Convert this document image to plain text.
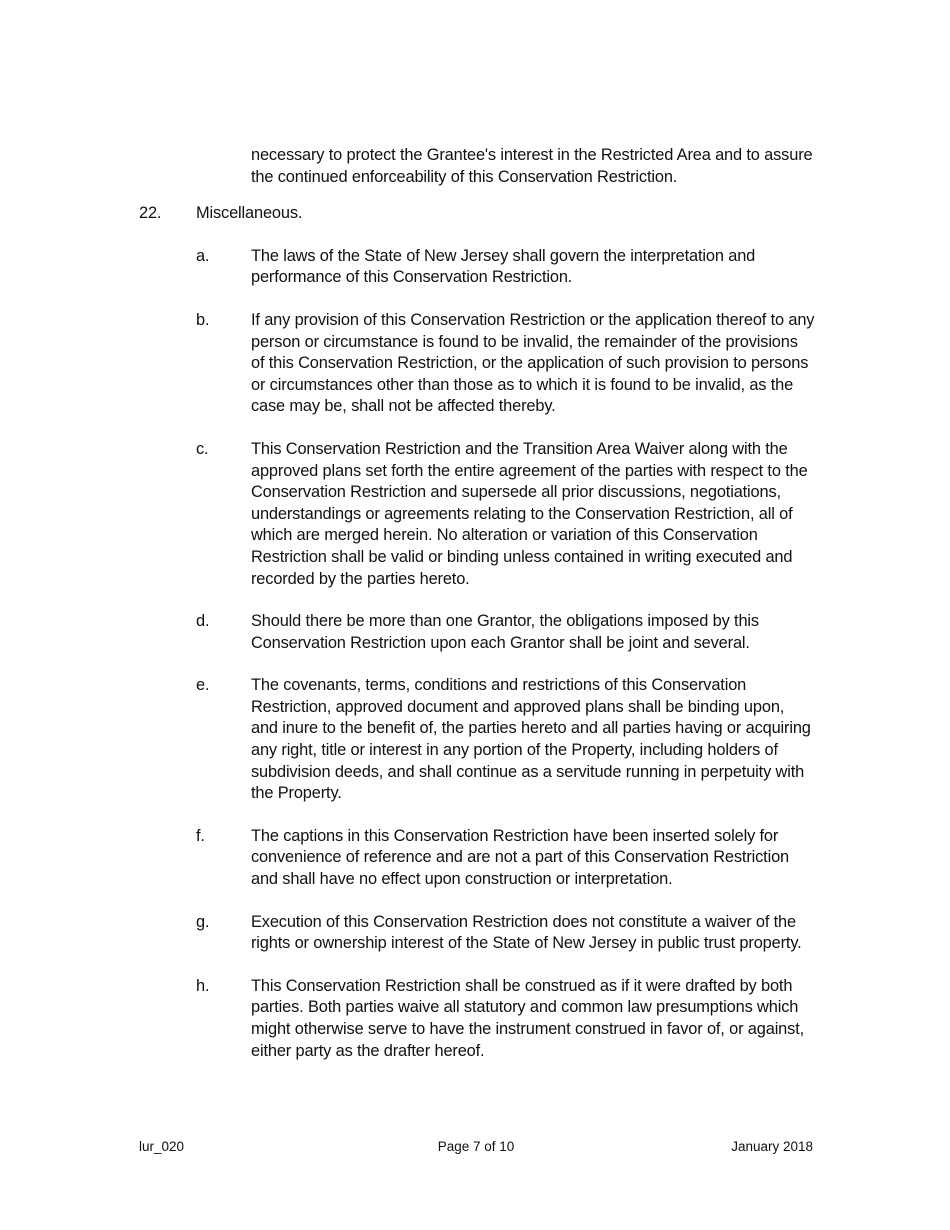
necessary to protect the Grantee's interest in the Restricted Area and to assure the continued enforceability of this Conservation Restriction.
22.	Miscellaneous.
a.	The laws of the State of New Jersey shall govern the interpretation and performance of this Conservation Restriction.
b.	If any provision of this Conservation Restriction or the application thereof to any person or circumstance is found to be invalid, the remainder of the provisions of this Conservation Restriction, or the application of such provision to persons or circumstances other than those as to which it is found to be invalid, as the case may be, shall not be affected thereby.
c.	This Conservation Restriction and the Transition Area Waiver along with the approved plans set forth the entire agreement of the parties with respect to the Conservation Restriction and supersede all prior discussions, negotiations, understandings or agreements relating to the Conservation Restriction, all of which are merged herein. No alteration or variation of this Conservation Restriction shall be valid or binding unless contained in writing executed and recorded by the parties hereto.
d.	Should there be more than one Grantor, the obligations imposed by this Conservation Restriction upon each Grantor shall be joint and several.
e.	The covenants, terms, conditions and restrictions of this Conservation Restriction, approved document and approved plans shall be binding upon, and inure to the benefit of, the parties hereto and all parties having or acquiring any right, title or interest in any portion of the Property, including holders of subdivision deeds, and shall continue as a servitude running in perpetuity with the Property.
f.	The captions in this Conservation Restriction have been inserted solely for convenience of reference and are not a part of this Conservation Restriction and shall have no effect upon construction or interpretation.
g.	Execution of this Conservation Restriction does not constitute a waiver of the rights or ownership interest of the State of New Jersey in public trust property.
h.	This Conservation Restriction shall be construed as if it were drafted by both parties. Both parties waive all statutory and common law presumptions which might otherwise serve to have the instrument construed in favor of, or against, either party as the drafter hereof.
lur_020	Page 7 of 10	January 2018
